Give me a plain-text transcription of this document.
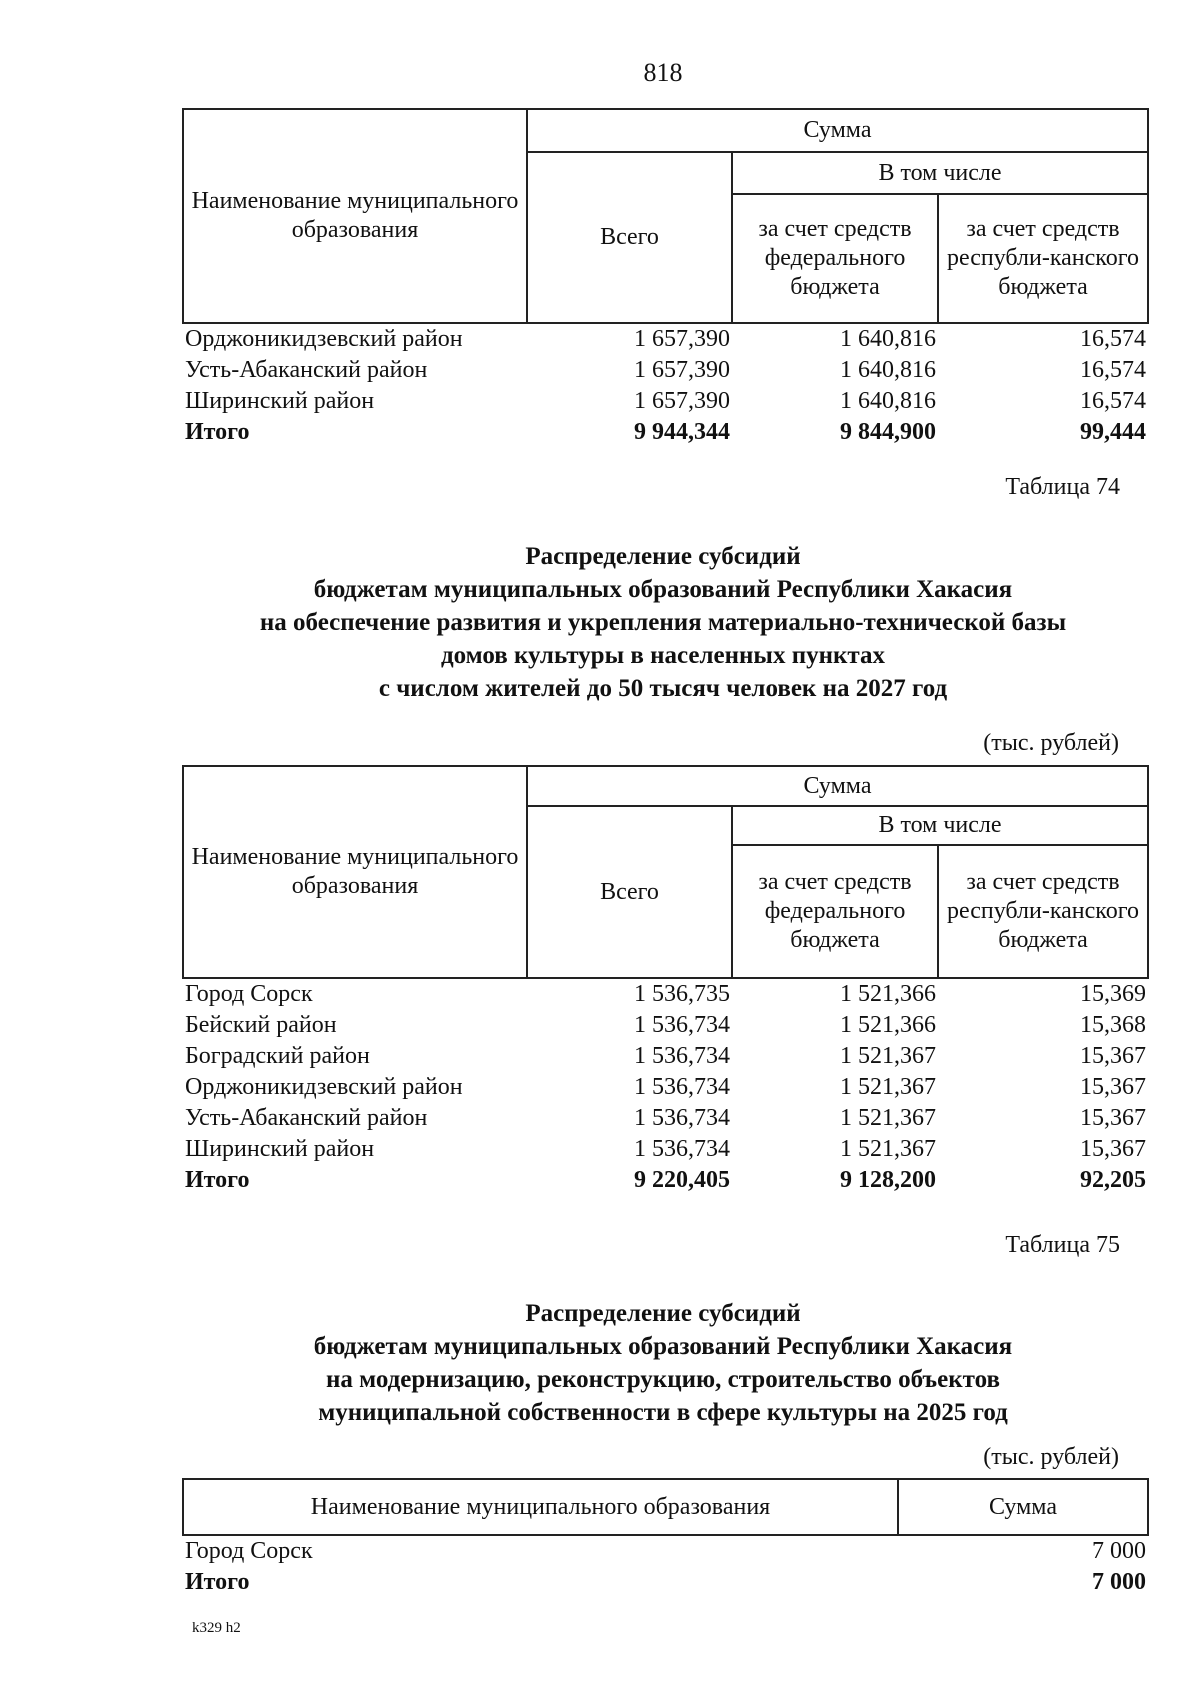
818
Наименование муниципального образования	Сумма		
	Всего	В том числе	
		за счет средств федерального бюджета	за счет средств республи-канского бюджета
Орджоникидзевский район	1 657,390	1 640,816	16,574
Усть-Абаканский район	1 657,390	1 640,816	16,574
Ширинский район	1 657,390	1 640,816	16,574
Итого	9 944,344	9 844,900	99,444
Таблица 74
Распределение субсидий
бюджетам муниципальных образований Республики Хакасия
на обеспечение развития и укрепления материально-технической базы
домов культуры в населенных пунктах
с числом жителей до 50 тысяч человек на 2027 год
(тыс. рублей)
Наименование муниципального образования	Сумма		
	Всего	В том числе	
		за счет средств федерального бюджета	за счет средств республи-канского бюджета
Город Сорск	1 536,735	1 521,366	15,369
Бейский район	1 536,734	1 521,366	15,368
Боградский район	1 536,734	1 521,367	15,367
Орджоникидзевский район	1 536,734	1 521,367	15,367
Усть-Абаканский район	1 536,734	1 521,367	15,367
Ширинский район	1 536,734	1 521,367	15,367
Итого	9 220,405	9 128,200	92,205
Таблица 75
Распределение субсидий
бюджетам муниципальных образований Республики Хакасия
на модернизацию, реконструкцию, строительство объектов
муниципальной собственности в сфере культуры на 2025 год
(тыс. рублей)
Наименование муниципального образования	Сумма
Город Сорск	7 000
Итого	7 000
k329 h2
